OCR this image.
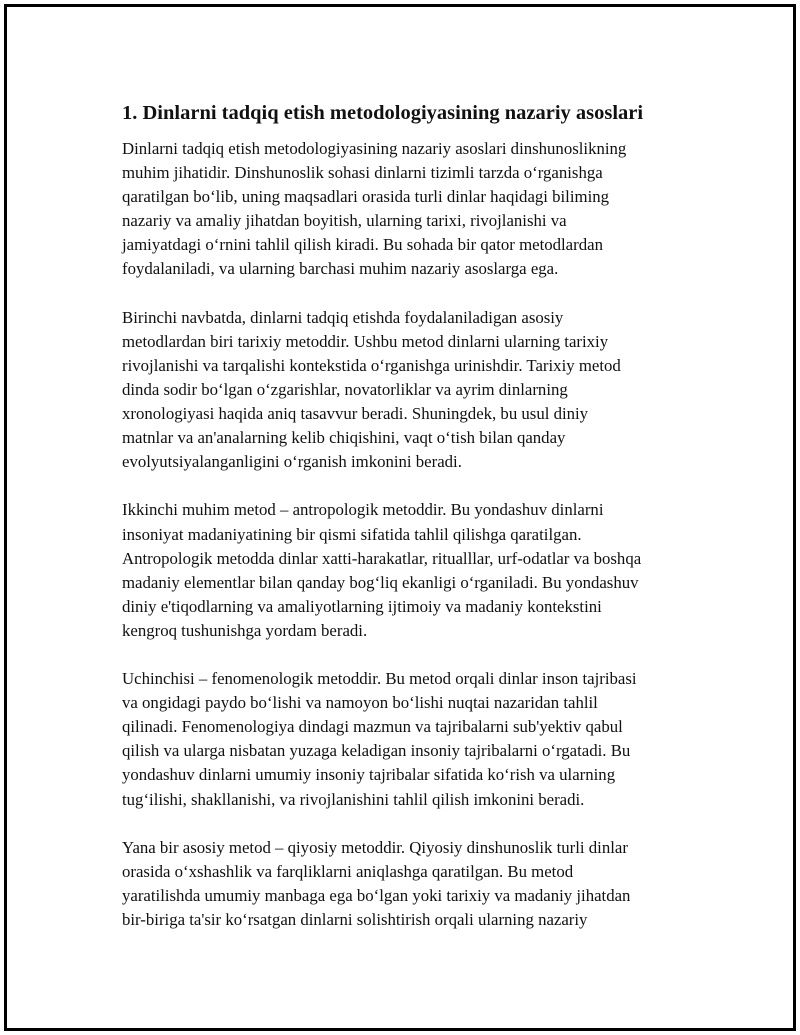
1. Dinlarni tadqiq etish metodologiyasining nazariy asoslari

Dinlarni tadqiq etish metodologiyasining nazariy asoslari dinshunoslikning
muhim jihatidir. Dinshunoslik sohasi dinlarni tizimli tarzda o‘rganishga
qaratilgan bo‘lib, uning maqsadlari orasida turli dinlar haqidagi biliming
nazariy va amaliy jihatdan boyitish, ularning tarixi, rivojlanishi va
jamiyatdagi o‘rnini tahlil qilish kiradi. Bu sohada bir qator metodlardan
foydalaniladi, va ularning barchasi muhim nazariy asoslarga ega.

Birinchi navbatda, dinlarni tadqiq etishda foydalaniladigan asosiy
metodlardan biri tarixiy metoddir. Ushbu metod dinlarni ularning tarixiy
rivojlanishi va tarqalishi kontekstida o‘rganishga urinishdir. Tarixiy metod
dinda sodir bo‘lgan o‘zgarishlar, novatorliklar va ayrim dinlarning
xronologiyasi haqida aniq tasavvur beradi. Shuningdek, bu usul diniy
matnlar va an'analarning kelib chiqishini, vaqt o‘tish bilan qanday
evolyutsiyalanganligini o‘rganish imkonini beradi.

Ikkinchi muhim metod – antropologik metoddir. Bu yondashuv dinlarni
insoniyat madaniyatining bir qismi sifatida tahlil qilishga qaratilgan.
Antropologik metodda dinlar xatti-harakatlar, ritualllar, urf-odatlar va boshqa
madaniy elementlar bilan qanday bog‘liq ekanligi o‘rganiladi. Bu yondashuv
diniy e'tiqodlarning va amaliyotlarning ijtimoiy va madaniy kontekstini
kengroq tushunishga yordam beradi.

Uchinchisi – fenomenologik metoddir. Bu metod orqali dinlar inson tajribasi
va ongidagi paydo bo‘lishi va namoyon bo‘lishi nuqtai nazaridan tahlil
qilinadi. Fenomenologiya dindagi mazmun va tajribalarni sub'yektiv qabul
qilish va ularga nisbatan yuzaga keladigan insoniy tajribalarni o‘rgatadi. Bu
yondashuv dinlarni umumiy insoniy tajribalar sifatida ko‘rish va ularning
tug‘ilishi, shakllanishi, va rivojlanishini tahlil qilish imkonini beradi.

Yana bir asosiy metod – qiyosiy metoddir. Qiyosiy dinshunoslik turli dinlar
orasida o‘xshashlik va farqliklarni aniqlashga qaratilgan. Bu metod
yaratilishda umumiy manbaga ega bo‘lgan yoki tarixiy va madaniy jihatdan
bir-biriga ta'sir ko‘rsatgan dinlarni solishtirish orqali ularning nazariy
